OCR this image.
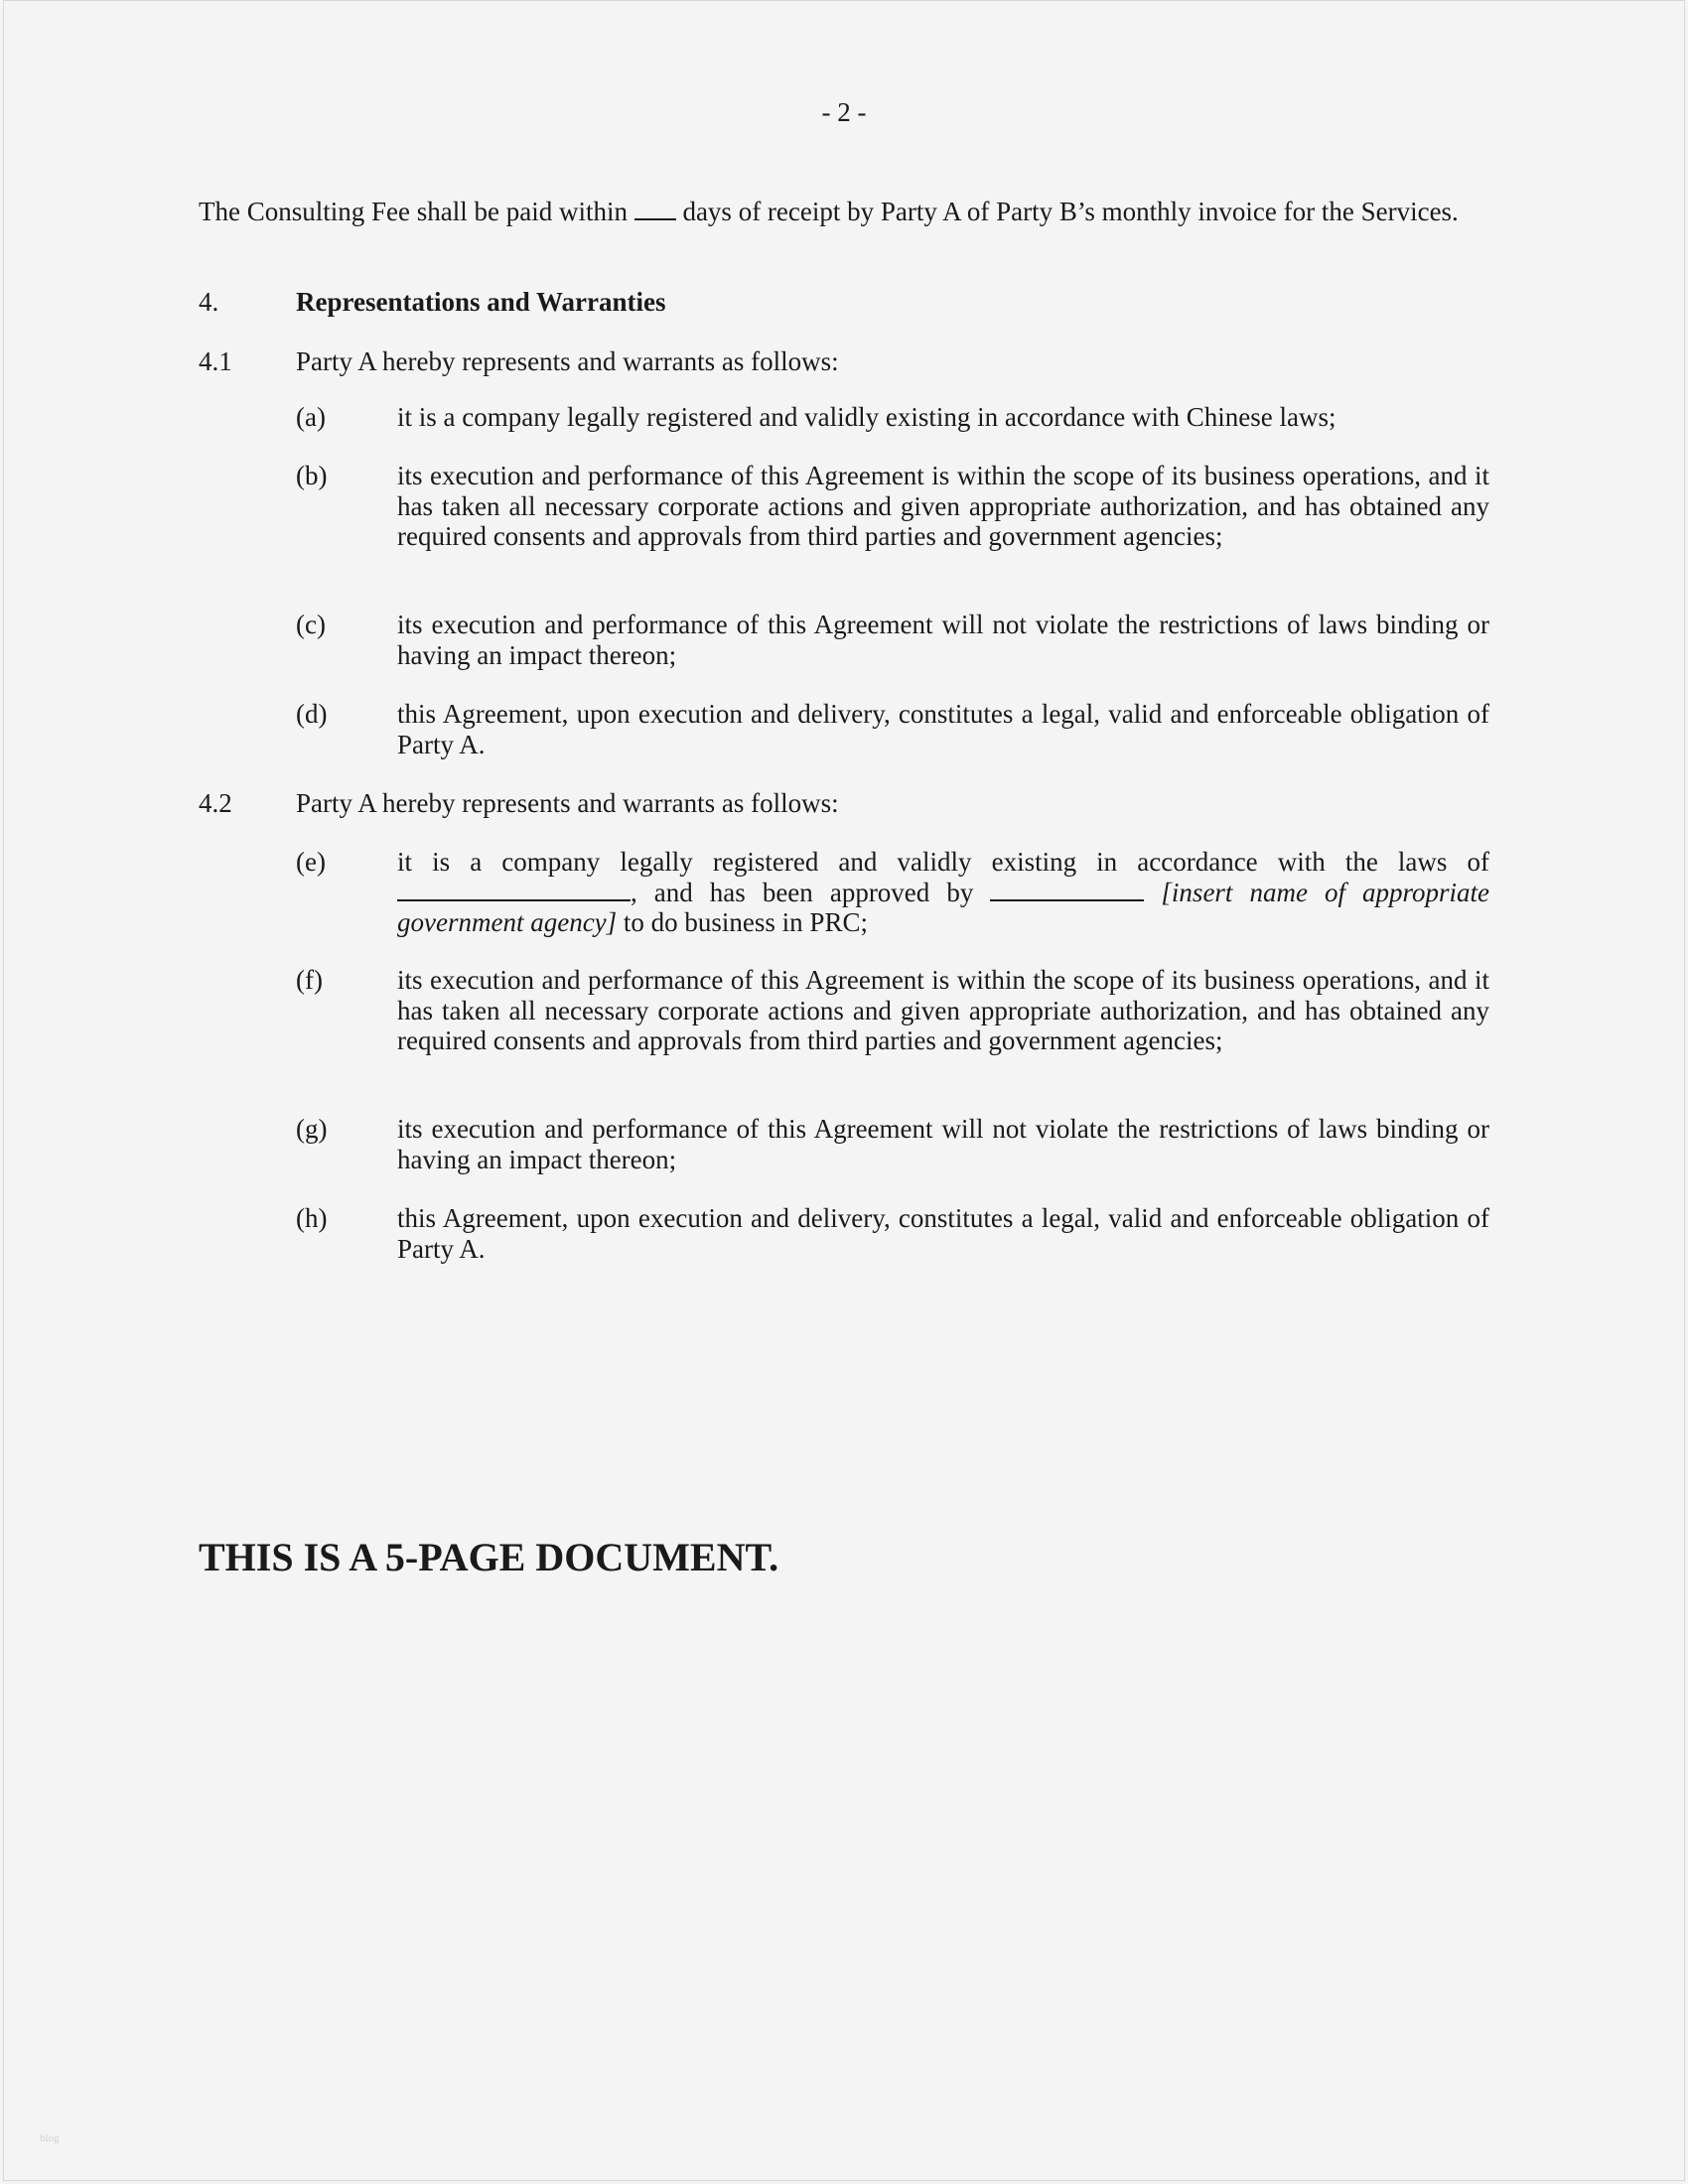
- 2 -
The Consulting Fee shall be paid within days of receipt by Party A of Party B’s monthly invoice for the Services.
4.	Representations and Warranties
4.1 Party A hereby represents and warrants as follows:
(a)	it is a company legally registered and validly existing in accordance with Chinese laws;
(b)	its execution and performance of this Agreement is within the scope of its business operations, and it has taken all necessary corporate actions and given appropriate authorization, and has obtained any required consents and approvals from third parties and government agencies;
(c)	its execution and performance of this Agreement will not violate the restrictions of laws binding or having an impact thereon;
(d)	this Agreement, upon execution and delivery, constitutes a legal, valid and enforceable obligation of Party A.
4.2 Party A hereby represents and warrants as follows:
(e)	it is a company legally registered and validly existing in accordance with the laws of , and has been approved by	[insert name of appropriate government agency] to do business in PRC;
(f)	its execution and performance of this Agreement is within the scope of its business operations, and it has taken all necessary corporate actions and given appropriate authorization, and has obtained any required consents and approvals from third parties and government agencies;
(g)	its execution and performance of this Agreement will not violate the restrictions of laws binding or having an impact thereon;
(h)	this Agreement, upon execution and delivery, constitutes a legal, valid and enforceable obligation of Party A.
THIS IS A 5-PAGE DOCUMENT.
blog
